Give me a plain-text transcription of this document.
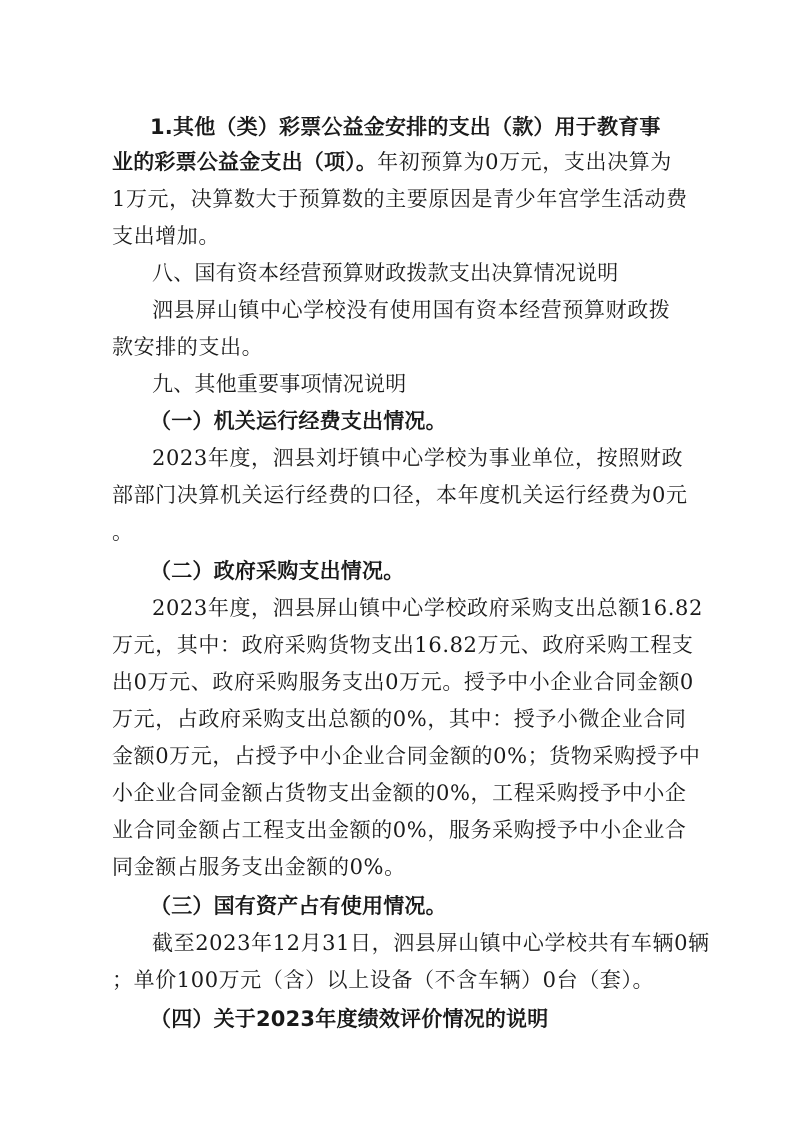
1.其他（类）彩票公益金安排的支出（款）用于教育事
业的彩票公益金支出（项）。年初预算为0万元，支出决算为
1万元，决算数大于预算数的主要原因是青少年宫学生活动费
支出增加。
八、国有资本经营预算财政拨款支出决算情况说明
泗县屏山镇中心学校没有使用国有资本经营预算财政拨
款安排的支出。
九、其他重要事项情况说明
（一）机关运行经费支出情况。
2023年度，泗县刘圩镇中心学校为事业单位，按照财政
部部门决算机关运行经费的口径，本年度机关运行经费为0元
。
（二）政府采购支出情况。
2023年度，泗县屏山镇中心学校政府采购支出总额16.82
万元，其中：政府采购货物支出16.82万元、政府采购工程支
出0万元、政府采购服务支出0万元。授予中小企业合同金额0
万元，占政府采购支出总额的0%，其中：授予小微企业合同
金额0万元，占授予中小企业合同金额的0%；货物采购授予中
小企业合同金额占货物支出金额的0%，工程采购授予中小企
业合同金额占工程支出金额的0%，服务采购授予中小企业合
同金额占服务支出金额的0%。
（三）国有资产占有使用情况。
截至2023年12月31日，泗县屏山镇中心学校共有车辆0辆
；单价100万元（含）以上设备（不含车辆）0台（套）。
（四）关于2023年度绩效评价情况的说明
